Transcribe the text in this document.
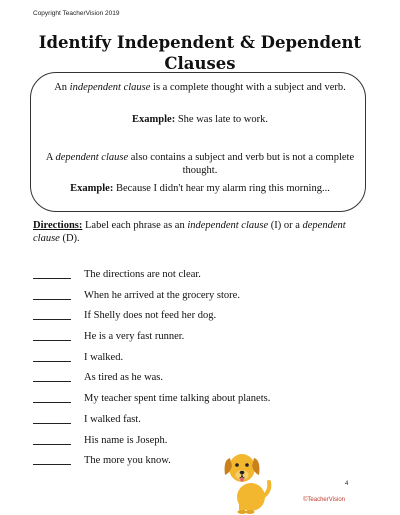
Copyright TeacherVision 2019
Identify Independent & Dependent
Clauses
An independent clause is a complete thought with a subject and verb.
Example: She was late to work.
A dependent clause also contains a subject and verb but is not a complete thought.
Example: Because I didn't hear my alarm ring this morning...
Directions: Label each phrase as an independent clause (I) or a dependent clause (D).
The directions are not clear.
When he arrived at the grocery store.
If Shelly does not feed her dog.
He is a very fast runner.
I walked.
As tired as he was.
My teacher spent time talking about planets.
I walked fast.
His name is Joseph.
The more you know.
4
©TeacherVision
